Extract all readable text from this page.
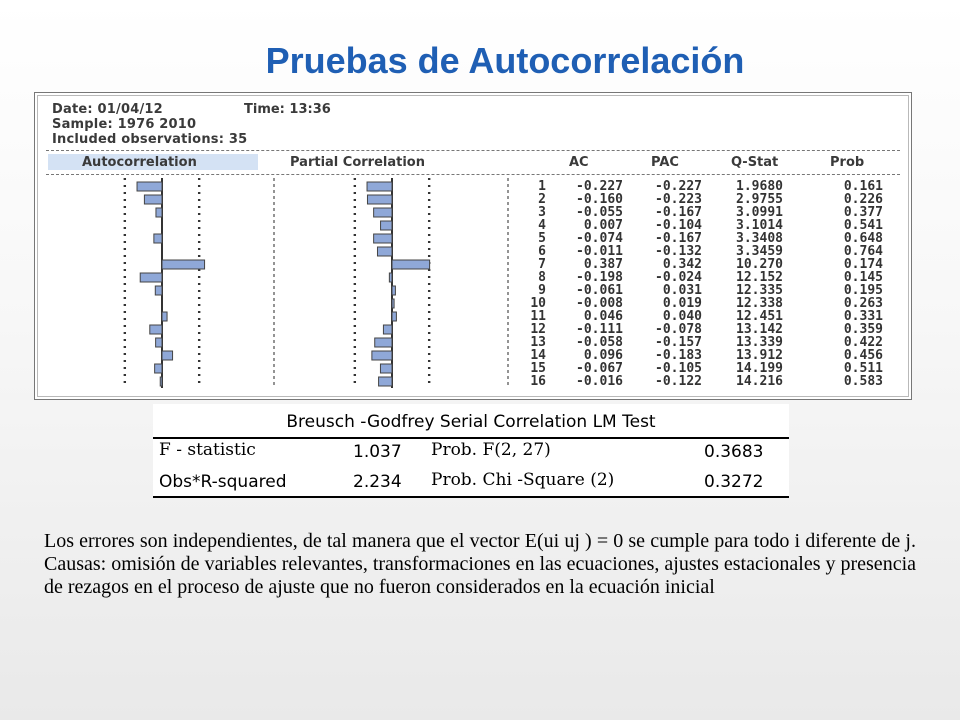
Pruebas de Autocorrelación
Date: 01/04/12	Time: 13:36
Sample: 1976 2010
Included observations: 35
Autocorrelation	Partial Correlation	AC	PAC	Q-Stat	Prob
1	-0.227	-0.227	1.9680	0.161
2	-0.160	-0.223	2.9755	0.226
3	-0.055	-0.167	3.0991	0.377
4	0.007	-0.104	3.1014	0.541
5	-0.074	-0.167	3.3408	0.648
6	-0.011	-0.132	3.3459	0.764
7	0.387	0.342	10.270	0.174
8	-0.198	-0.024	12.152	0.145
9	-0.061	0.031	12.335	0.195
10	-0.008	0.019	12.338	0.263
11	0.046	0.040	12.451	0.331
12	-0.111	-0.078	13.142	0.359
13	-0.058	-0.157	13.339	0.422
14	0.096	-0.183	13.912	0.456
15	-0.067	-0.105	14.199	0.511
16	-0.016	-0.122	14.216	0.583
Breusch -Godfrey Serial Correlation LM Test
F - statistic	1.037 Prob. F(2, 27)	0.3683
Obs*R-squared	2.234 Prob. Chi -Square (2)	0.3272
Los errores son independientes, de tal manera que el vector E(ui uj ) = 0 se cumple para todo i diferente de j. Causas: omisión de variables relevantes, transformaciones en las ecuaciones, ajustes estacionales y presencia de rezagos en el proceso de ajuste que no fueron considerados en la ecuación inicial
